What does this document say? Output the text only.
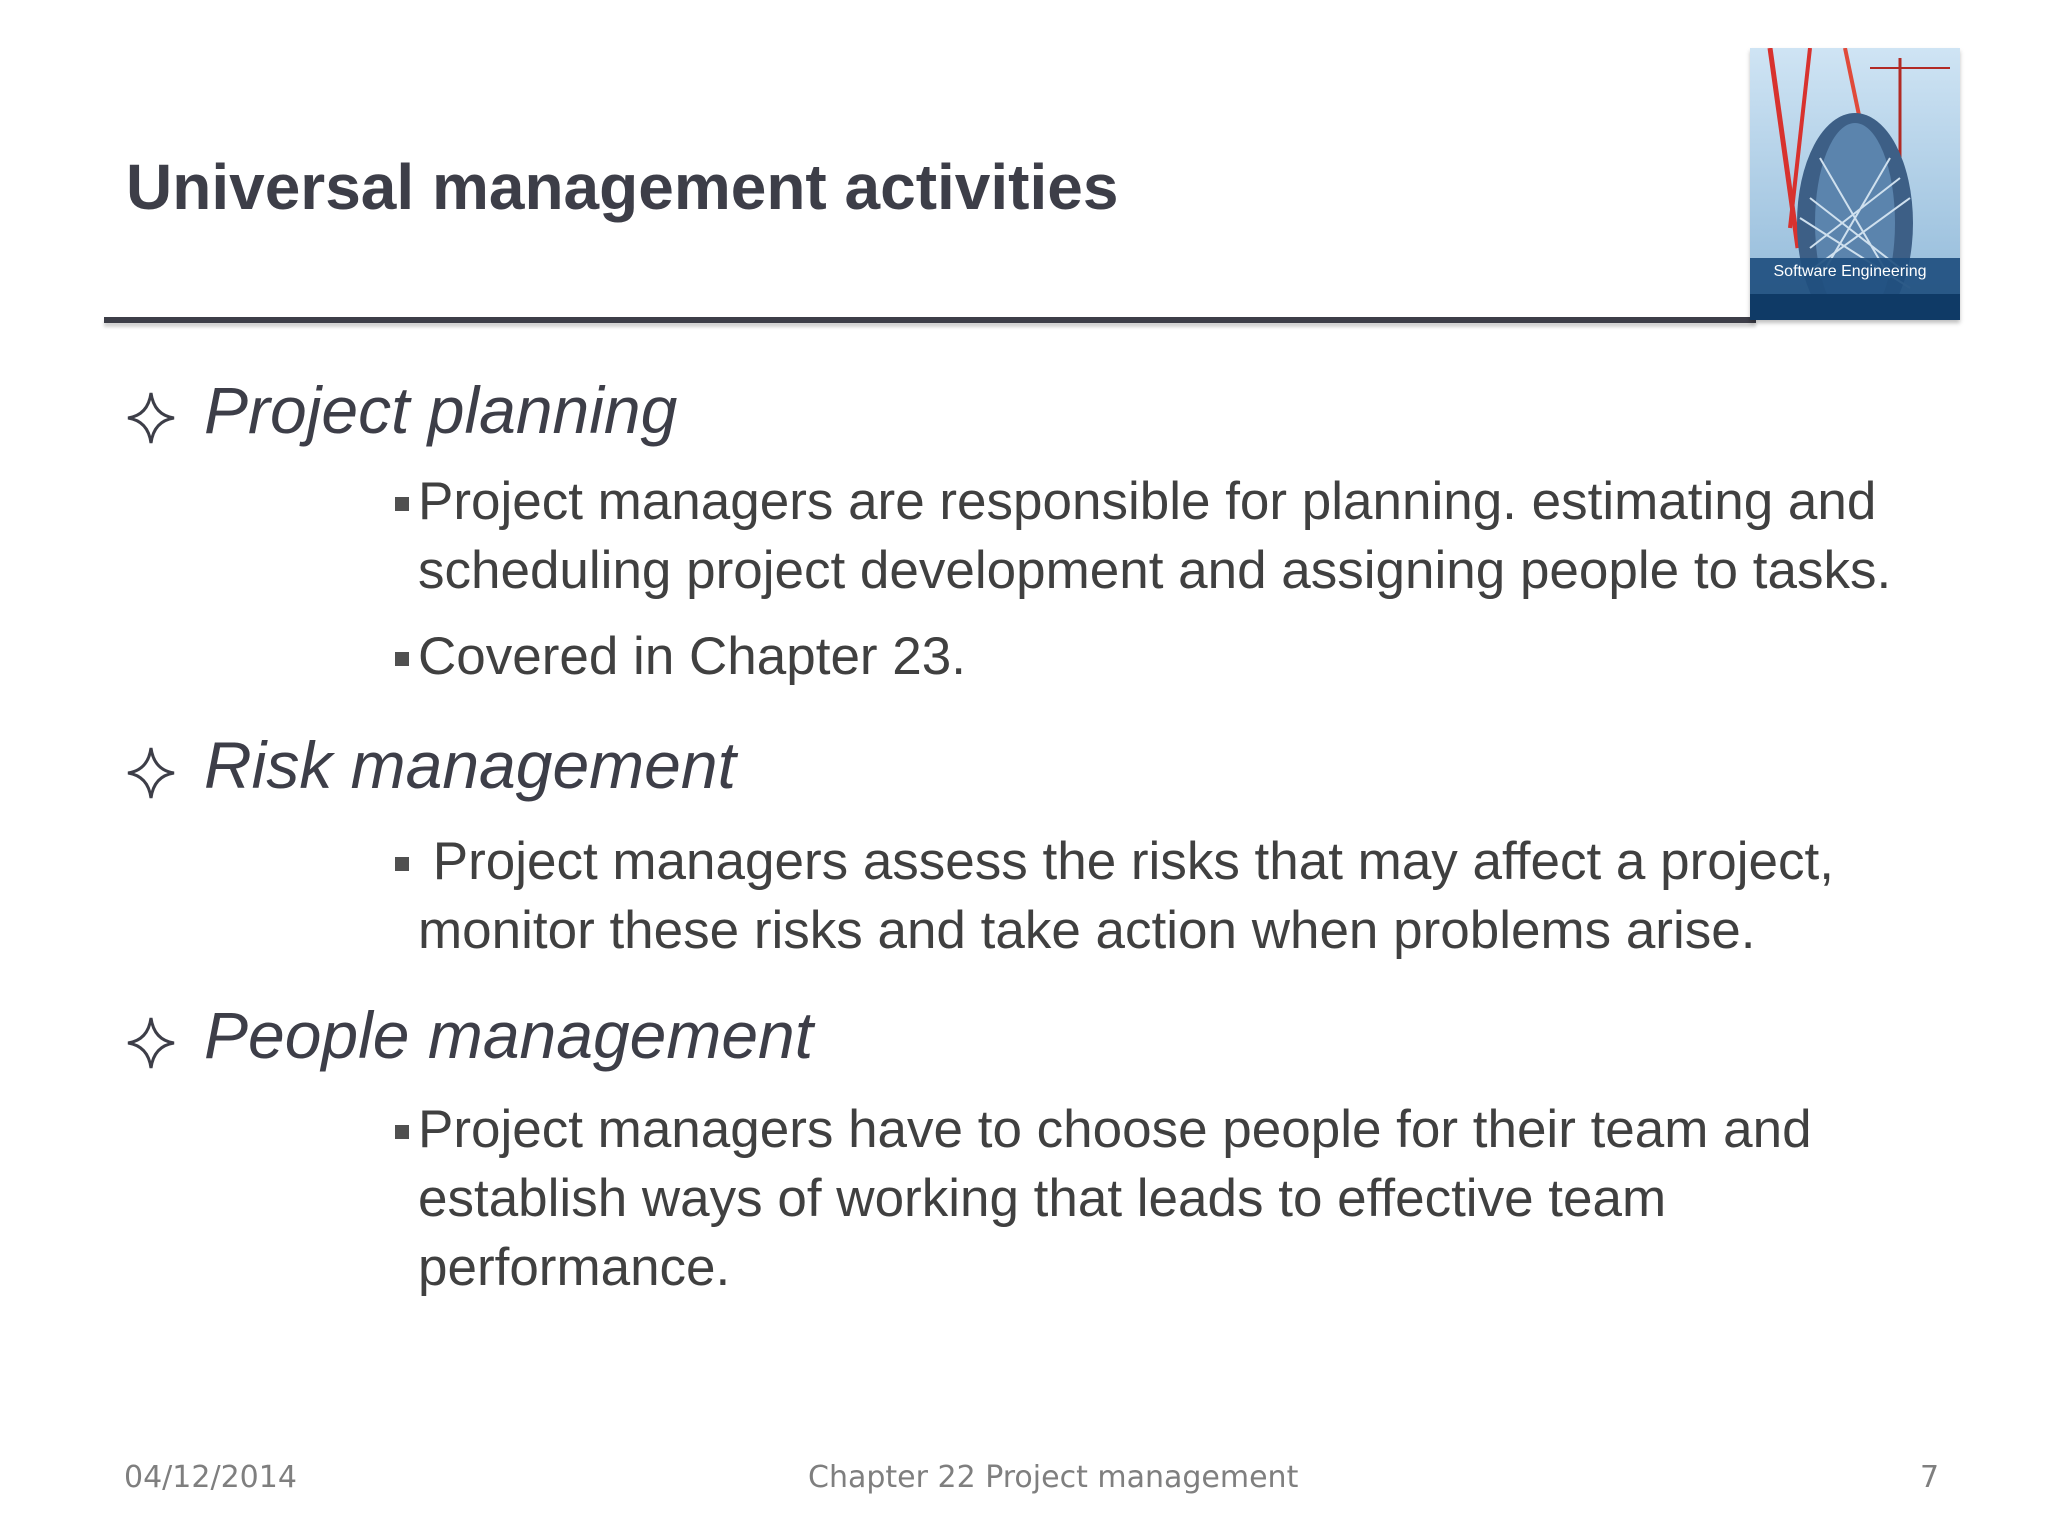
Universal management activities
Software Engineering
Project planning
Project managers are responsible for planning. estimating and scheduling project development and assigning people to tasks.
Covered in Chapter 23.
Risk management
Project managers assess the risks that may affect a project, monitor these risks and take action when problems arise.
People management
Project managers have to choose people for their team and establish ways of working that leads to effective team performance.
04/12/2014	Chapter 22 Project management	7
